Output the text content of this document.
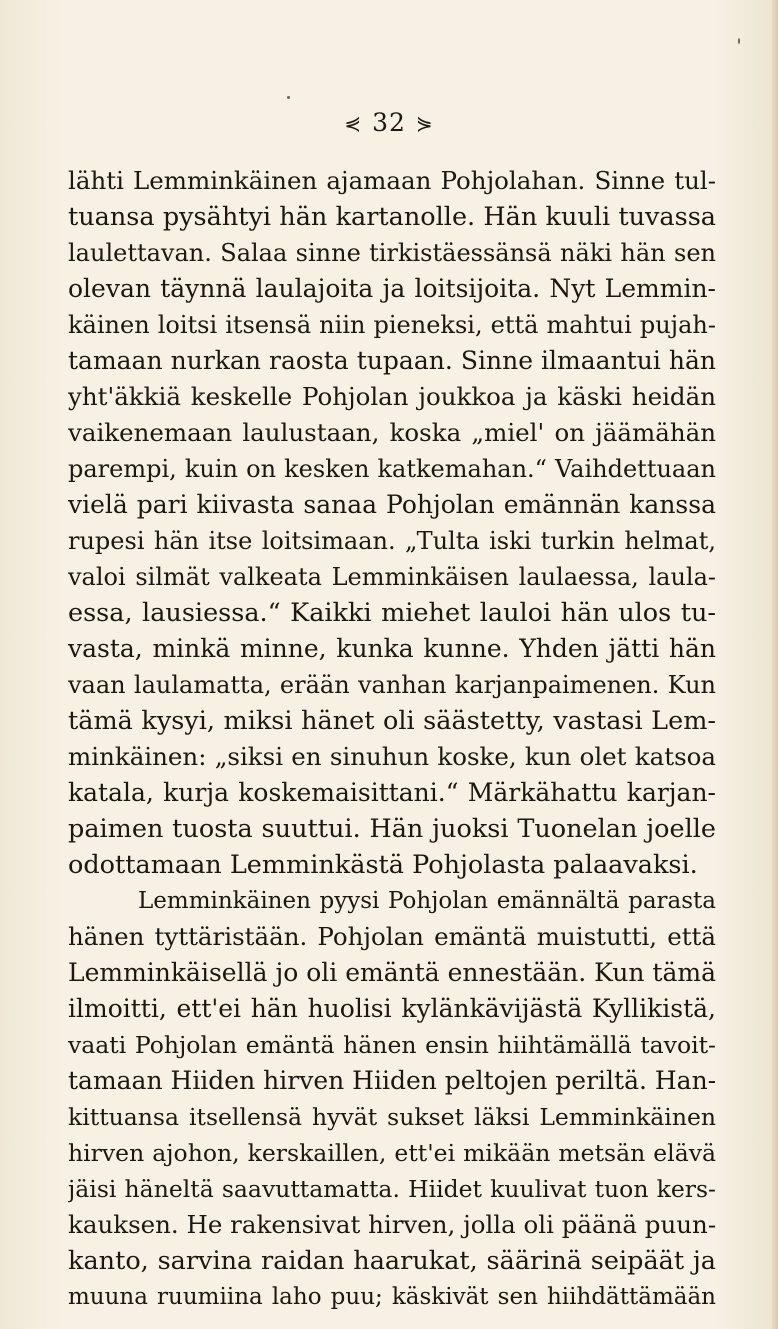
⋞ 32 ⋟
lähti Lemminkäinen ajamaan Pohjolahan. Sinne tul-
tuansa pysähtyi hän kartanolle. Hän kuuli tuvassa
laulettavan. Salaa sinne tirkistäessänsä näki hän sen
olevan täynnä laulajoita ja loitsijoita. Nyt Lemmin-
käinen loitsi itsensä niin pieneksi, että mahtui pujah-
tamaan nurkan raosta tupaan. Sinne ilmaantui hän
yht'äkkiä keskelle Pohjolan joukkoa ja käski heidän
vaikenemaan laulustaan, koska „miel' on jäämähän
parempi, kuin on kesken katkemahan.“ Vaihdettuaan
vielä pari kiivasta sanaa Pohjolan emännän kanssa
rupesi hän itse loitsimaan. „Tulta iski turkin helmat,
valoi silmät valkeata Lemminkäisen laulaessa, laula-
essa, lausiessa.“ Kaikki miehet lauloi hän ulos tu-
vasta, minkä minne, kunka kunne. Yhden jätti hän
vaan laulamatta, erään vanhan karjanpaimenen. Kun
tämä kysyi, miksi hänet oli säästetty, vastasi Lem-
minkäinen: „siksi en sinuhun koske, kun olet katsoa
katala, kurja koskemaisittani.“ Märkähattu karjan-
paimen tuosta suuttui. Hän juoksi Tuonelan joelle
odottamaan Lemminkästä Pohjolasta palaavaksi.
Lemminkäinen pyysi Pohjolan emännältä parasta
hänen tyttäristään. Pohjolan emäntä muistutti, että
Lemminkäisellä jo oli emäntä ennestään. Kun tämä
ilmoitti, ett'ei hän huolisi kylänkävijästä Kyllikistä,
vaati Pohjolan emäntä hänen ensin hiihtämällä tavoit-
tamaan Hiiden hirven Hiiden peltojen periltä. Han-
kittuansa itsellensä hyvät sukset läksi Lemminkäinen
hirven ajohon, kerskaillen, ett'ei mikään metsän elävä
jäisi häneltä saavuttamatta. Hiidet kuulivat tuon kers-
kauksen. He rakensivat hirven, jolla oli päänä puun-
kanto, sarvina raidan haarukat, säärinä seipäät ja
muuna ruumiina laho puu; käskivät sen hiihdättämään
